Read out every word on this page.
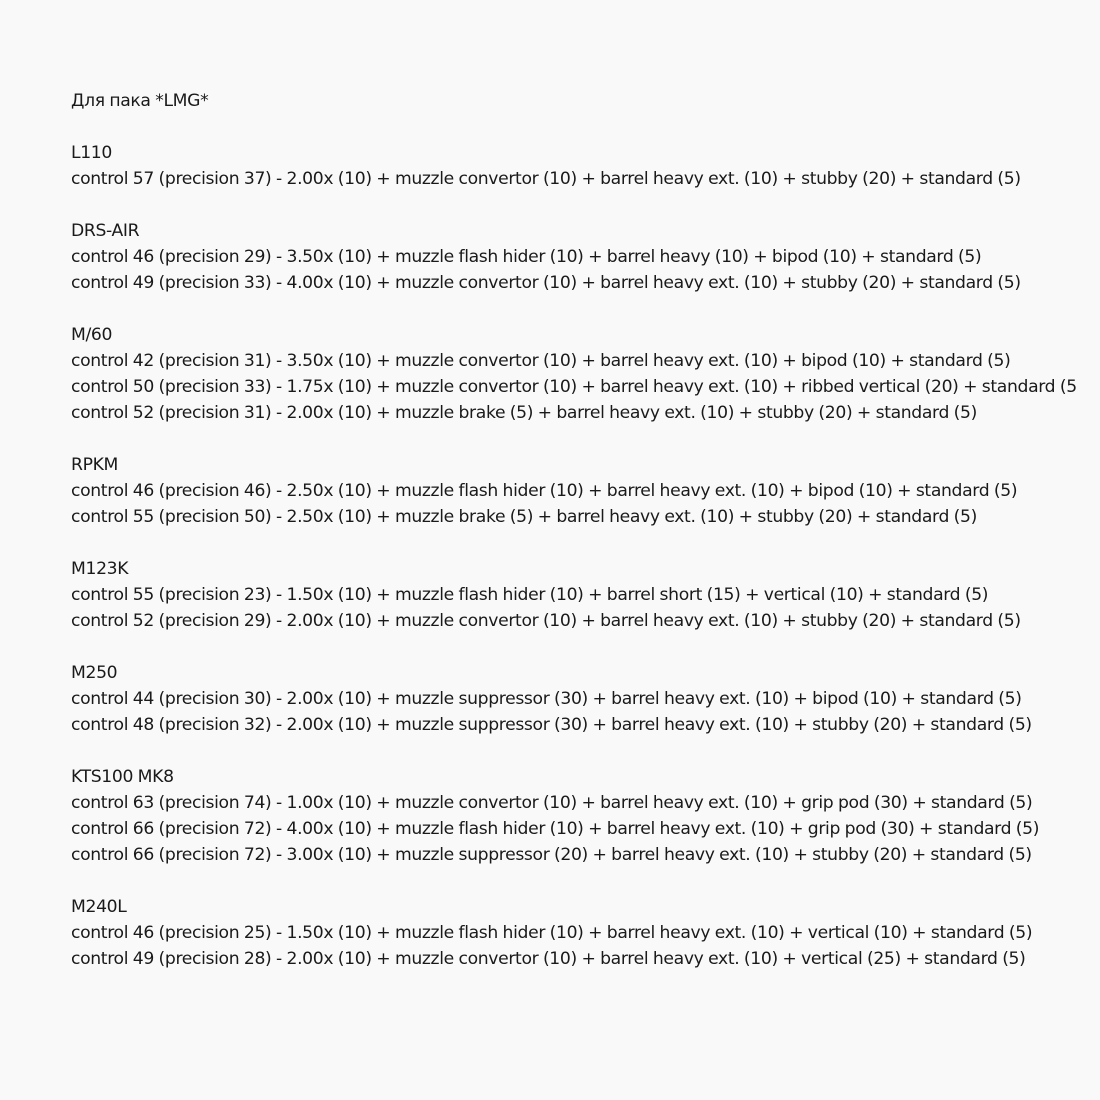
Для пака *LMG*

L110

control 57 (precision 37) - 2.00x (10) + muzzle convertor (10) + barrel heavy ext. (10) + stubby (20) + standard (5)

DRS-AIR

control 46 (precision 29) - 3.50x (10) + muzzle flash hider (10) + barrel heavy (10) + bipod (10) + standard (5)

control 49 (precision 33) - 4.00x (10) + muzzle convertor (10) + barrel heavy ext. (10) + stubby (20) + standard (5)

M/60

control 42 (precision 31) - 3.50x (10) + muzzle convertor (10) + barrel heavy ext. (10) + bipod (10) + standard (5)

control 50 (precision 33) - 1.75x (10) + muzzle convertor (10) + barrel heavy ext. (10) + ribbed vertical (20) + standard (5

control 52 (precision 31) - 2.00x (10) + muzzle brake (5) + barrel heavy ext. (10) + stubby (20) + standard (5)

RPKM

control 46 (precision 46) - 2.50x (10) + muzzle flash hider (10) + barrel heavy ext. (10) + bipod (10) + standard (5)

control 55 (precision 50) - 2.50x (10) + muzzle brake (5) + barrel heavy ext. (10) + stubby (20) + standard (5)

M123K

control 55 (precision 23) - 1.50x (10) + muzzle flash hider (10) + barrel short (15) + vertical (10) + standard (5)

control 52 (precision 29) - 2.00x (10) + muzzle convertor (10) + barrel heavy ext. (10) + stubby (20) + standard (5)

M250

control 44 (precision 30) - 2.00x (10) + muzzle suppressor (30) + barrel heavy ext. (10) + bipod (10) + standard (5)

control 48 (precision 32) - 2.00x (10) + muzzle suppressor (30) + barrel heavy ext. (10) + stubby (20) + standard (5)

KTS100 MK8

control 63 (precision 74) - 1.00x (10) + muzzle convertor (10) + barrel heavy ext. (10) + grip pod (30) + standard (5)

control 66 (precision 72) - 4.00x (10) + muzzle flash hider (10) + barrel heavy ext. (10) + grip pod (30) + standard (5)

control 66 (precision 72) - 3.00x (10) + muzzle suppressor (20) + barrel heavy ext. (10) + stubby (20) + standard (5)

M240L

control 46 (precision 25) - 1.50x (10) + muzzle flash hider (10) + barrel heavy ext. (10) + vertical (10) + standard (5)

control 49 (precision 28) - 2.00x (10) + muzzle convertor (10) + barrel heavy ext. (10) + vertical (25) + standard (5)
